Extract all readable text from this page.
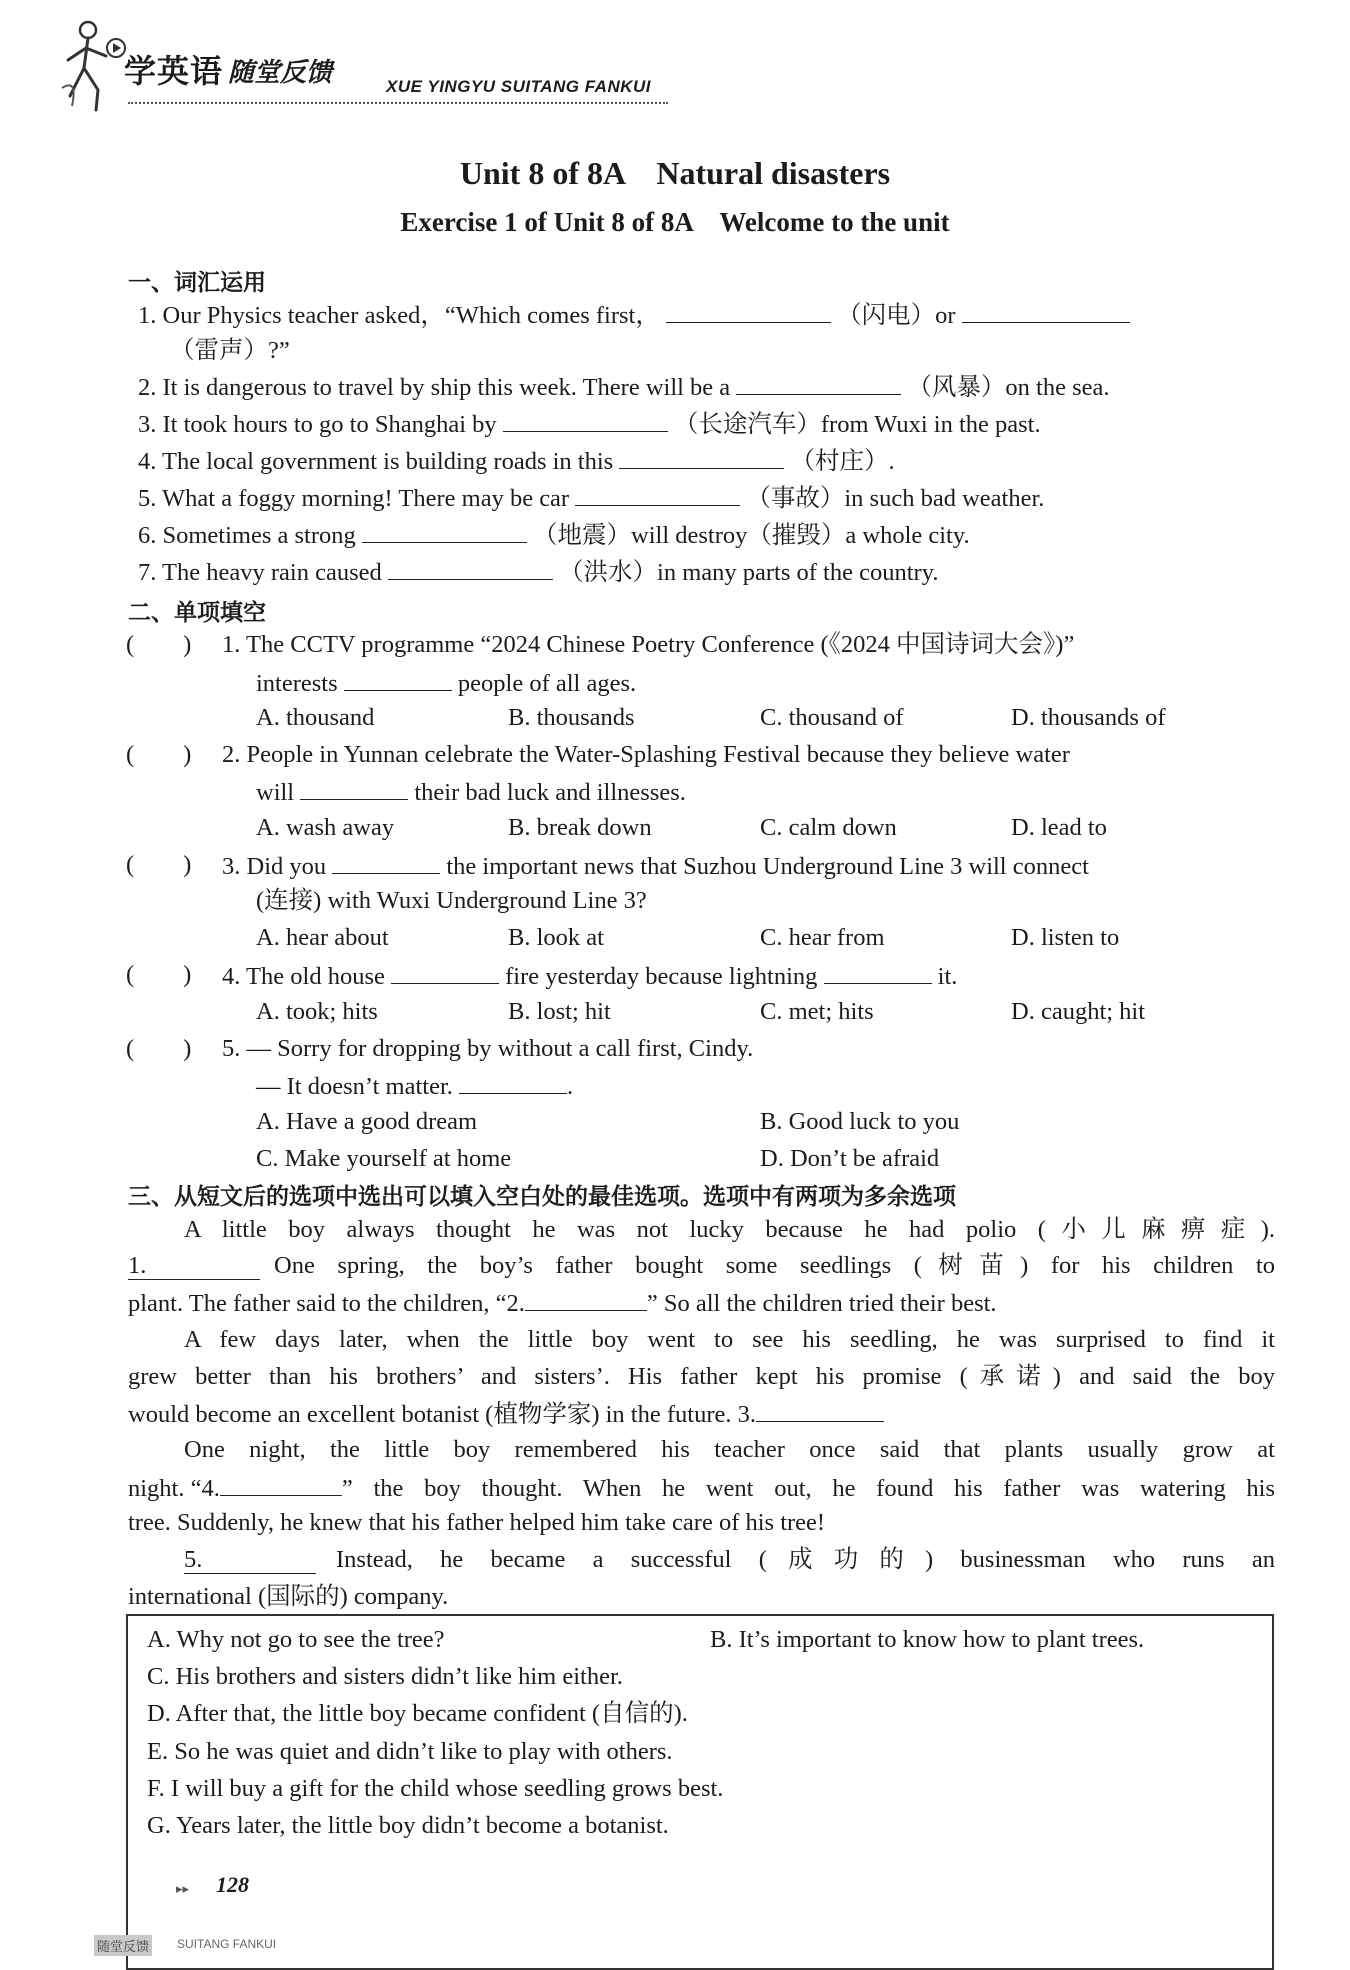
学英语 随堂反馈	XUE YINGYU SUITANG FANKUI
Unit 8 of 8A　Natural disasters
Exercise 1 of Unit 8 of 8A　Welcome to the unit
一、词汇运用
1. Our Physics teacher asked，“Which comes first，	（闪电）or
（雷声）?”
2. It is dangerous to travel by ship this week. There will be a	（风暴）on the sea.
3. It took hours to go to Shanghai by	（长途汽车）from Wuxi in the past.
4. The local government is building roads in this	（村庄）.
5. What a foggy morning! There may be car	（事故）in such bad weather.
6. Sometimes a strong	（地震）will destroy（摧毁）a whole city.
7. The heavy rain caused	（洪水）in many parts of the country.
二、单项填空
(　　) 1. The CCTV programme “2024 Chinese Poetry Conference (《2024 中国诗词大会》)”
interests	people of all ages.
A. thousand	B. thousands	C. thousand of	D. thousands of
(　　) 2. People in Yunnan celebrate the Water-Splashing Festival because they believe water
will	their bad luck and illnesses.
A. wash away	B. break down	C. calm down	D. lead to
(　　) 3. Did you	the important news that Suzhou Underground Line 3 will connect
(连接) with Wuxi Underground Line 3?
A. hear about	B. look at	C. hear from	D. listen to
(　　) 4. The old house	fire yesterday because lightning	it.
A. took; hits	B. lost; hit	C. met; hits	D. caught; hit
(　　) 5. — Sorry for dropping by without a call first, Cindy.
— It doesn’t matter.	.
A. Have a good dream	B. Good luck to you
C. Make yourself at home	D. Don’t be afraid
三、从短文后的选项中选出可以填入空白处的最佳选项。选项中有两项为多余选项
A little boy always thought he was not lucky because he had polio (小儿麻痹症).
1.	One spring, the boy’s father bought some seedlings (树苗) for his children to
plant. The father said to the children, “2.	” So all the children tried their best.
A few days later, when the little boy went to see his seedling, he was surprised to find it
grew better than his brothers’ and sisters’. His father kept his promise (承诺) and said the boy
would become an excellent botanist (植物学家) in the future. 3.
One night, the little boy remembered his teacher once said that plants usually grow at
night. “4.	” the boy thought. When he went out, he found his father was watering his
tree. Suddenly, he knew that his father helped him take care of his tree!
5.	Instead, he became a successful (成功的) businessman who runs an
international (国际的) company.
A. Why not go to see the tree?	B. It’s important to know how to plant trees.
C. His brothers and sisters didn’t like him either.
D. After that, the little boy became confident (自信的).
E. So he was quiet and didn’t like to play with others.
F. I will buy a gift for the child whose seedling grows best.
G. Years later, the little boy didn’t become a botanist.
▸▸ 128
随堂反馈 SUITANG FANKUI
